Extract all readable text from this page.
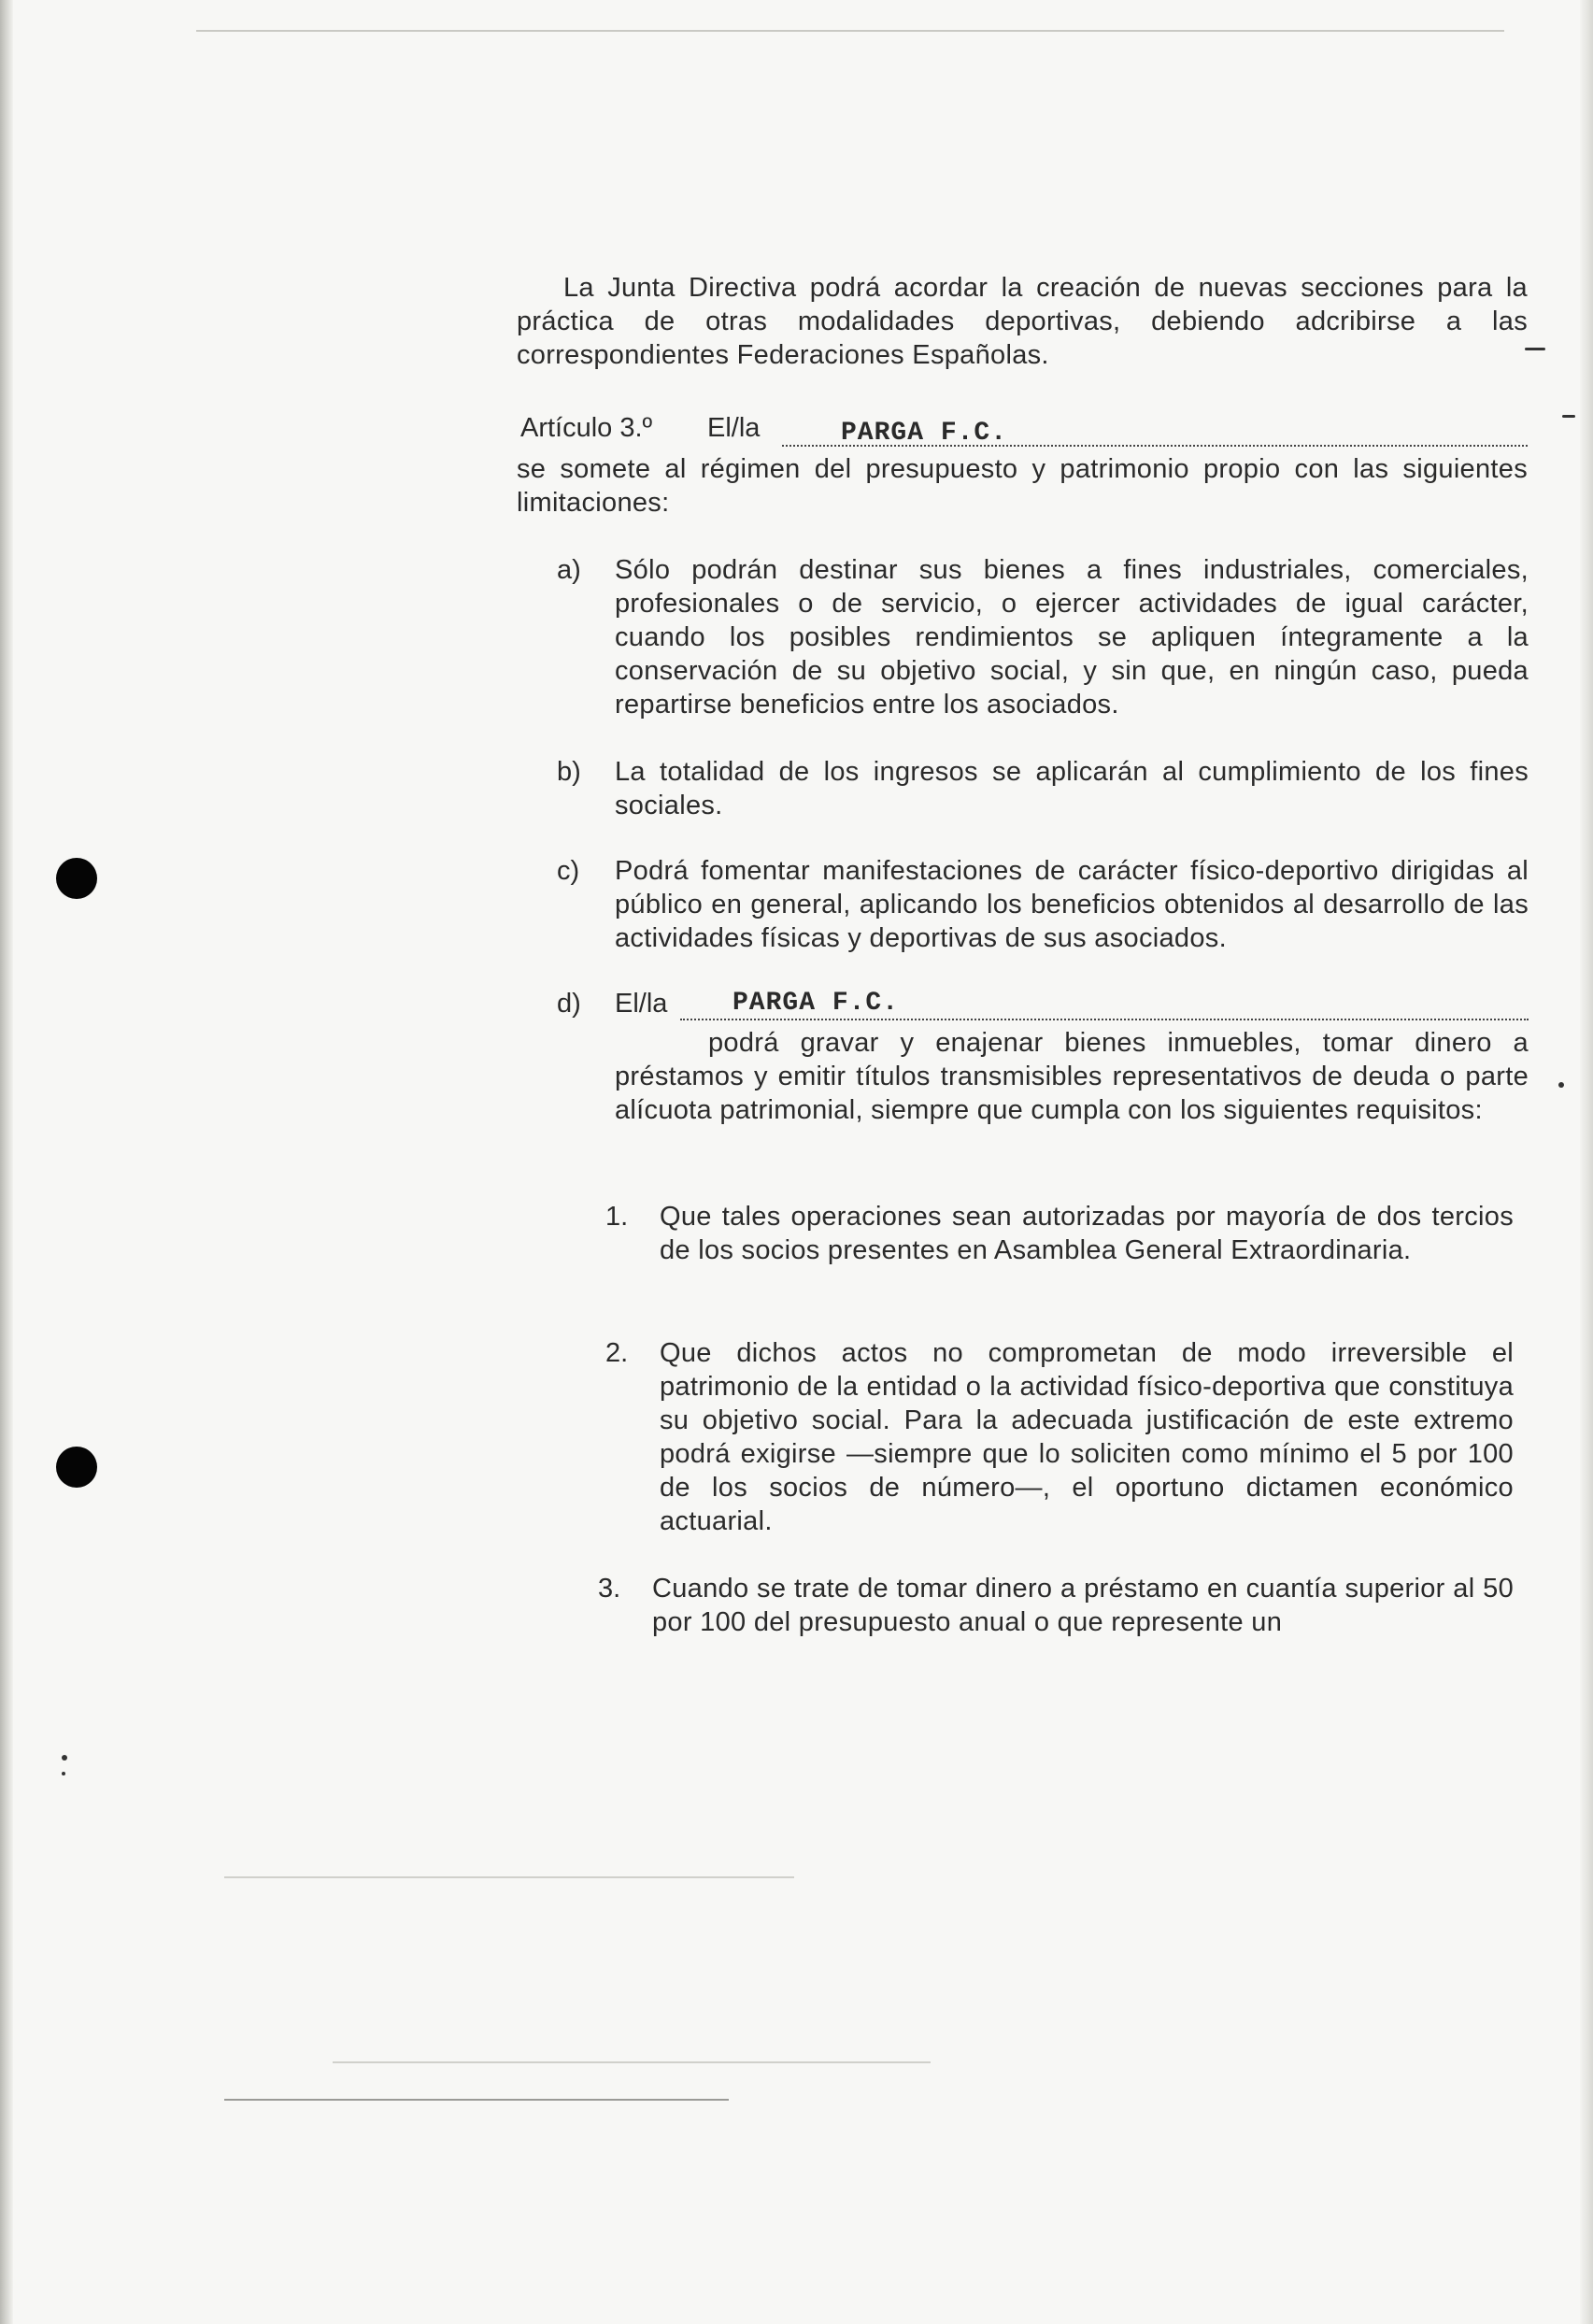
La Junta Directiva podrá acordar la creación de nuevas secciones para la práctica de otras modalidades deportivas, debiendo adcribirse a las correspondientes Federaciones Españolas.

Artículo 3.º El/la	PARGA F.C.

se somete al régimen del presupuesto y patrimonio propio con las siguientes limitaciones:

a) Sólo podrán destinar sus bienes a fines industriales, comerciales, profesionales o de servicio, o ejercer actividades de igual carácter, cuando los posibles rendimientos se apliquen íntegramente a la conservación de su objetivo social, y sin que, en ningún caso, pueda repartirse beneficios entre los asociados.
b) La totalidad de los ingresos se aplicarán al cumplimiento de los fines sociales.
c) Podrá fomentar manifestaciones de carácter físico-deportivo dirigidas al público en general, aplicando los beneficios obtenidos al desarrollo de las actividades físicas y deportivas de sus asociados.
d) El/la PARGA F.C.
podrá gravar y enajenar bienes inmuebles, tomar dinero a préstamos y emitir títulos transmisibles representativos de deuda o parte alícuota patrimonial, siempre que cumpla con los siguientes requisitos:
1. Que tales operaciones sean autorizadas por mayoría de dos tercios de los socios presentes en Asamblea General Extraordinaria.
2. Que dichos actos no comprometan de modo irreversible el patrimonio de la entidad o la actividad físico-deportiva que constituya su objetivo social. Para la adecuada justificación de este extremo podrá exigirse —siempre que lo soliciten como mínimo el 5 por 100 de los socios de número—, el oportuno dictamen económico actuarial.
3. Cuando se trate de tomar dinero a préstamo en cuantía superior al 50 por 100 del presupuesto anual o que represente un
